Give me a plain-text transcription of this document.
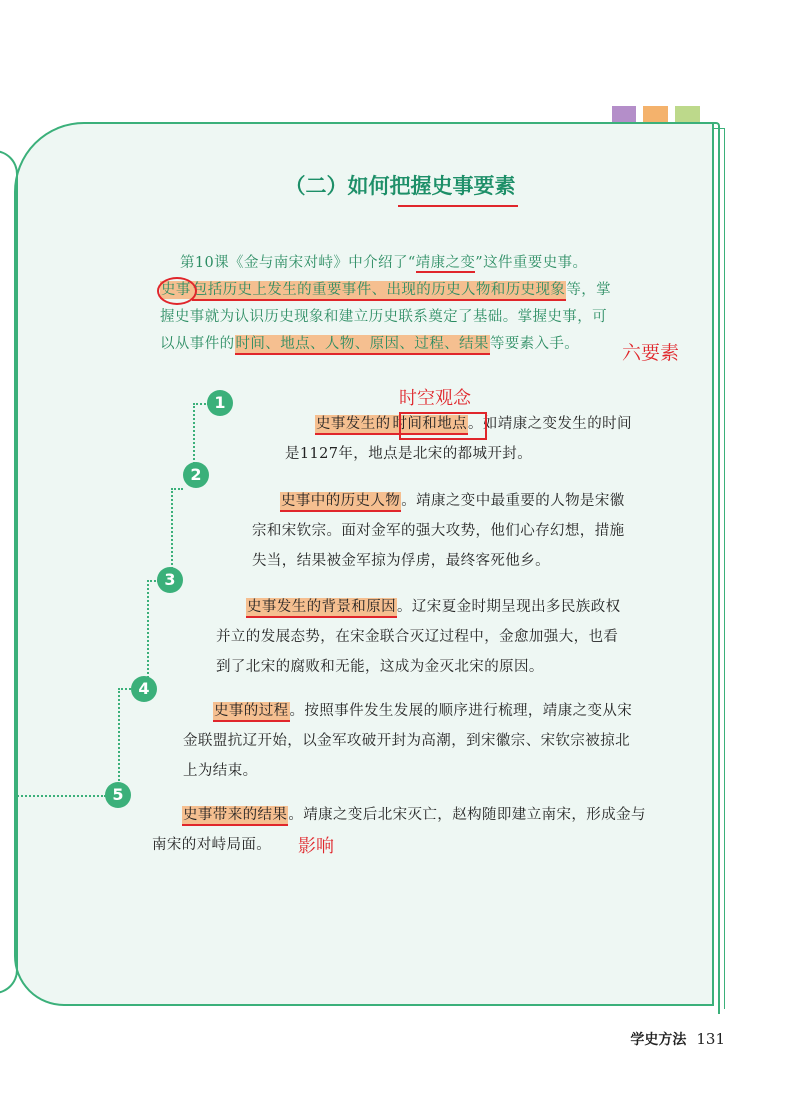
（二）如何把握史事要素
第10课《金与南宋对峙》中介绍了“靖康之变”这件重要史事。
史事 包括历史上发生的重要事件、出现的历史人物和历史现象等，掌
握史事就为认识历史现象和建立历史联系奠定了基础。掌握史事，可
以从事件的时间、地点、人物、原因、过程、结果等要素入手。 六要素
1
2
3
4
5
时空观念
史事发生的 时间和地点。如靖康之变发生的时间
是1127年，地点是北宋的都城开封。
史事中的历史人物。靖康之变中最重要的人物是宋徽
宗和宋钦宗。面对金军的强大攻势，他们心存幻想，措施
失当，结果被金军掠为俘虏，最终客死他乡。
史事发生的背景和原因。辽宋夏金时期呈现出多民族政权
并立的发展态势，在宋金联合灭辽过程中，金愈加强大，也看
到了北宋的腐败和无能，这成为金灭北宋的原因。
史事的过程。按照事件发生发展的顺序进行梳理，靖康之变从宋
金联盟抗辽开始，以金军攻破开封为高潮，到宋徽宗、宋钦宗被掠北
上为结束。
史事带来的结果。靖康之变后北宋灭亡，赵构随即建立南宋，形成金与
南宋的对峙局面。 影响
学史方法 131
